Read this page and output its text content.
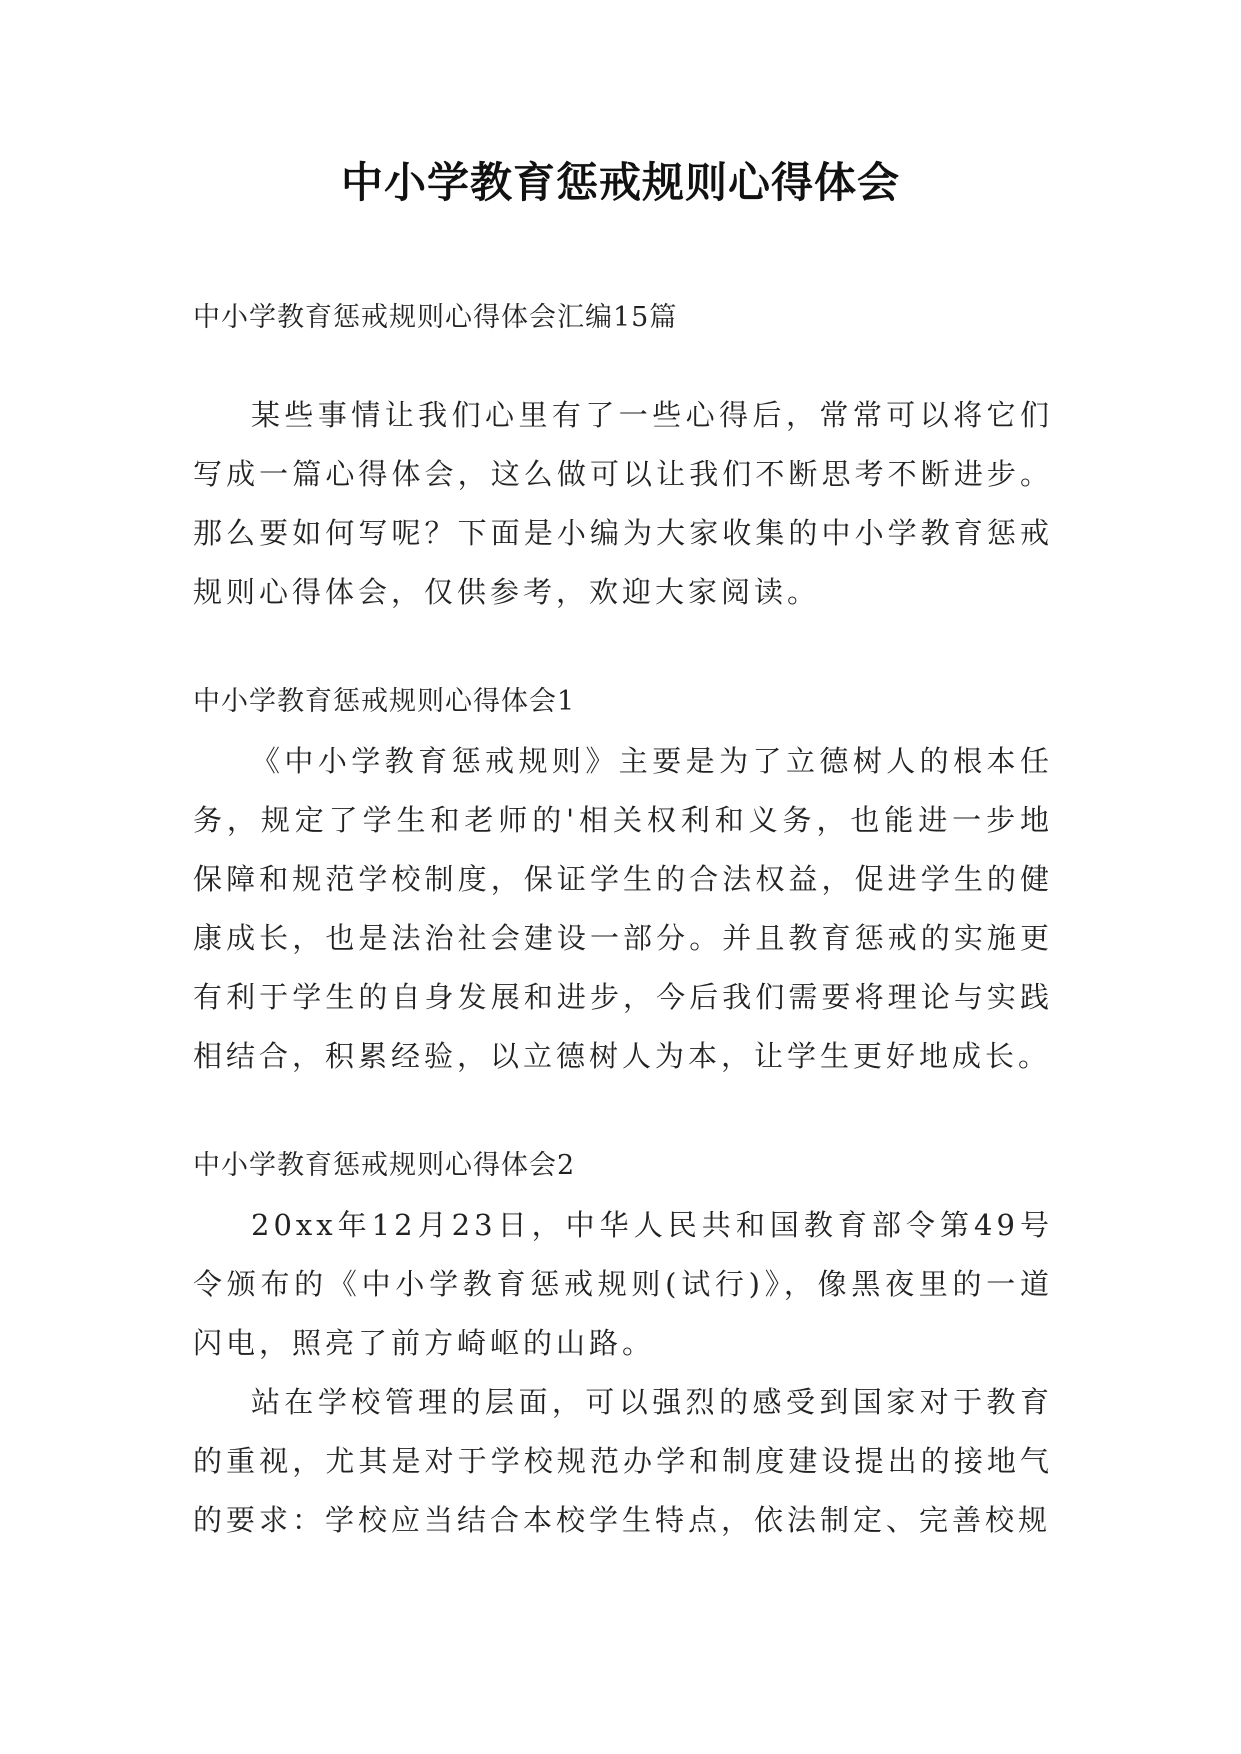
中小学教育惩戒规则心得体会

中小学教育惩戒规则心得体会汇编15篇

某些事情让我们心里有了一些心得后，常常可以将它们写成一篇心得体会，这么做可以让我们不断思考不断进步。那么要如何写呢？下面是小编为大家收集的中小学教育惩戒规则心得体会，仅供参考，欢迎大家阅读。

中小学教育惩戒规则心得体会1

《中小学教育惩戒规则》主要是为了立德树人的根本任务，规定了学生和老师的'相关权利和义务，也能进一步地保障和规范学校制度，保证学生的合法权益，促进学生的健康成长，也是法治社会建设一部分。并且教育惩戒的实施更有利于学生的自身发展和进步，今后我们需要将理论与实践相结合，积累经验，以立德树人为本，让学生更好地成长。

中小学教育惩戒规则心得体会2

20xx年12月23日，中华人民共和国教育部令第49号令颁布的《中小学教育惩戒规则(试行)》，像黑夜里的一道闪电，照亮了前方崎岖的山路。

站在学校管理的层面，可以强烈的感受到国家对于教育的重视，尤其是对于学校规范办学和制度建设提出的接地气的要求：学校应当结合本校学生特点，依法制定、完善校规
